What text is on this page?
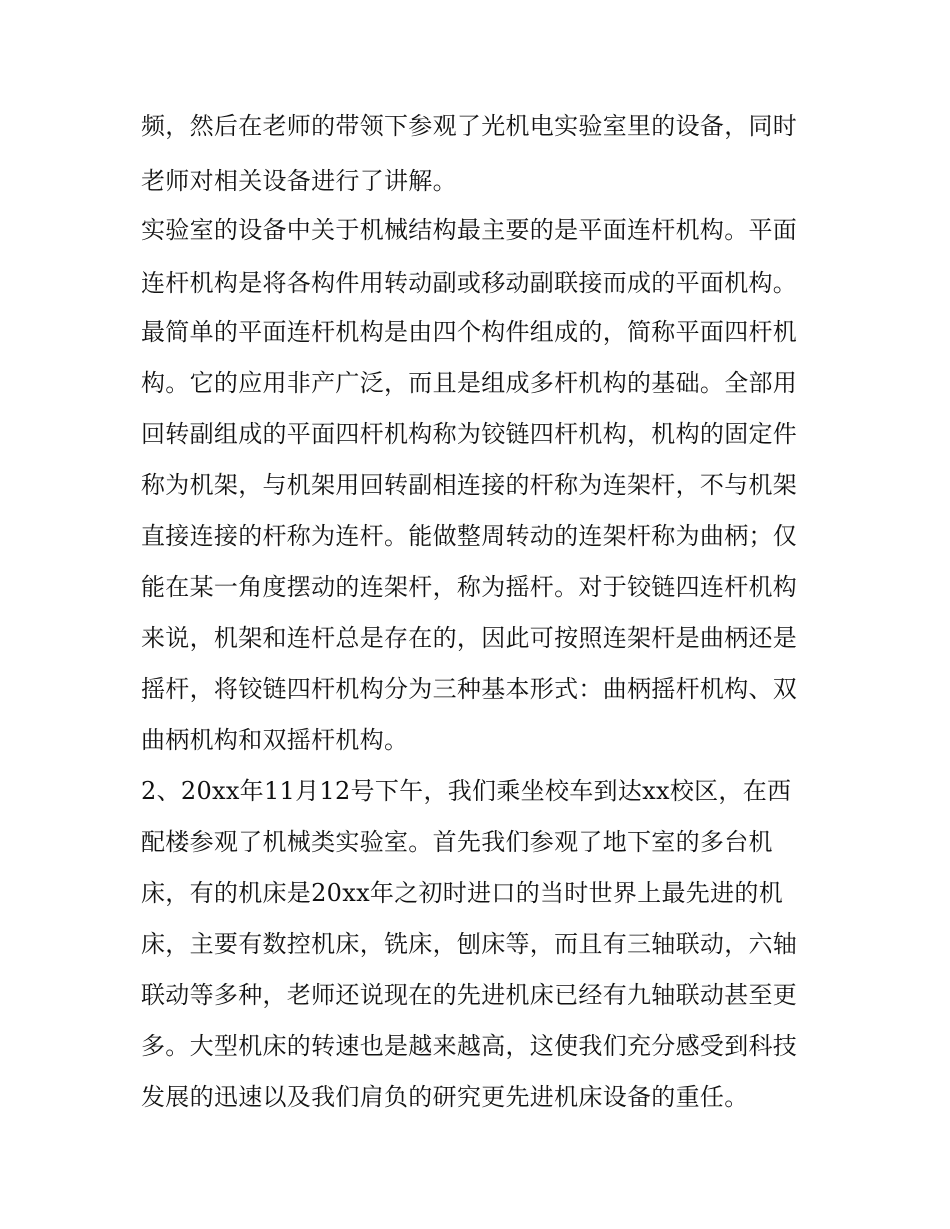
频，然后在老师的带领下参观了光机电实验室里的设备，同时

老师对相关设备进行了讲解。

实验室的设备中关于机械结构最主要的是平面连杆机构。平面

连杆机构是将各构件用转动副或移动副联接而成的平面机构。

最简单的平面连杆机构是由四个构件组成的，简称平面四杆机

构。它的应用非产广泛，而且是组成多杆机构的基础。全部用

回转副组成的平面四杆机构称为铰链四杆机构，机构的固定件

称为机架，与机架用回转副相连接的杆称为连架杆，不与机架

直接连接的杆称为连杆。能做整周转动的连架杆称为曲柄；仅

能在某一角度摆动的连架杆，称为摇杆。对于铰链四连杆机构

来说，机架和连杆总是存在的，因此可按照连架杆是曲柄还是

摇杆，将铰链四杆机构分为三种基本形式：曲柄摇杆机构、双

曲柄机构和双摇杆机构。

2、20xx年11月12号下午，我们乘坐校车到达xx校区，在西

配楼参观了机械类实验室。首先我们参观了地下室的多台机

床，有的机床是20xx年之初时进口的当时世界上最先进的机

床，主要有数控机床，铣床，刨床等，而且有三轴联动，六轴

联动等多种，老师还说现在的先进机床已经有九轴联动甚至更

多。大型机床的转速也是越来越高，这使我们充分感受到科技

发展的迅速以及我们肩负的研究更先进机床设备的重任。
